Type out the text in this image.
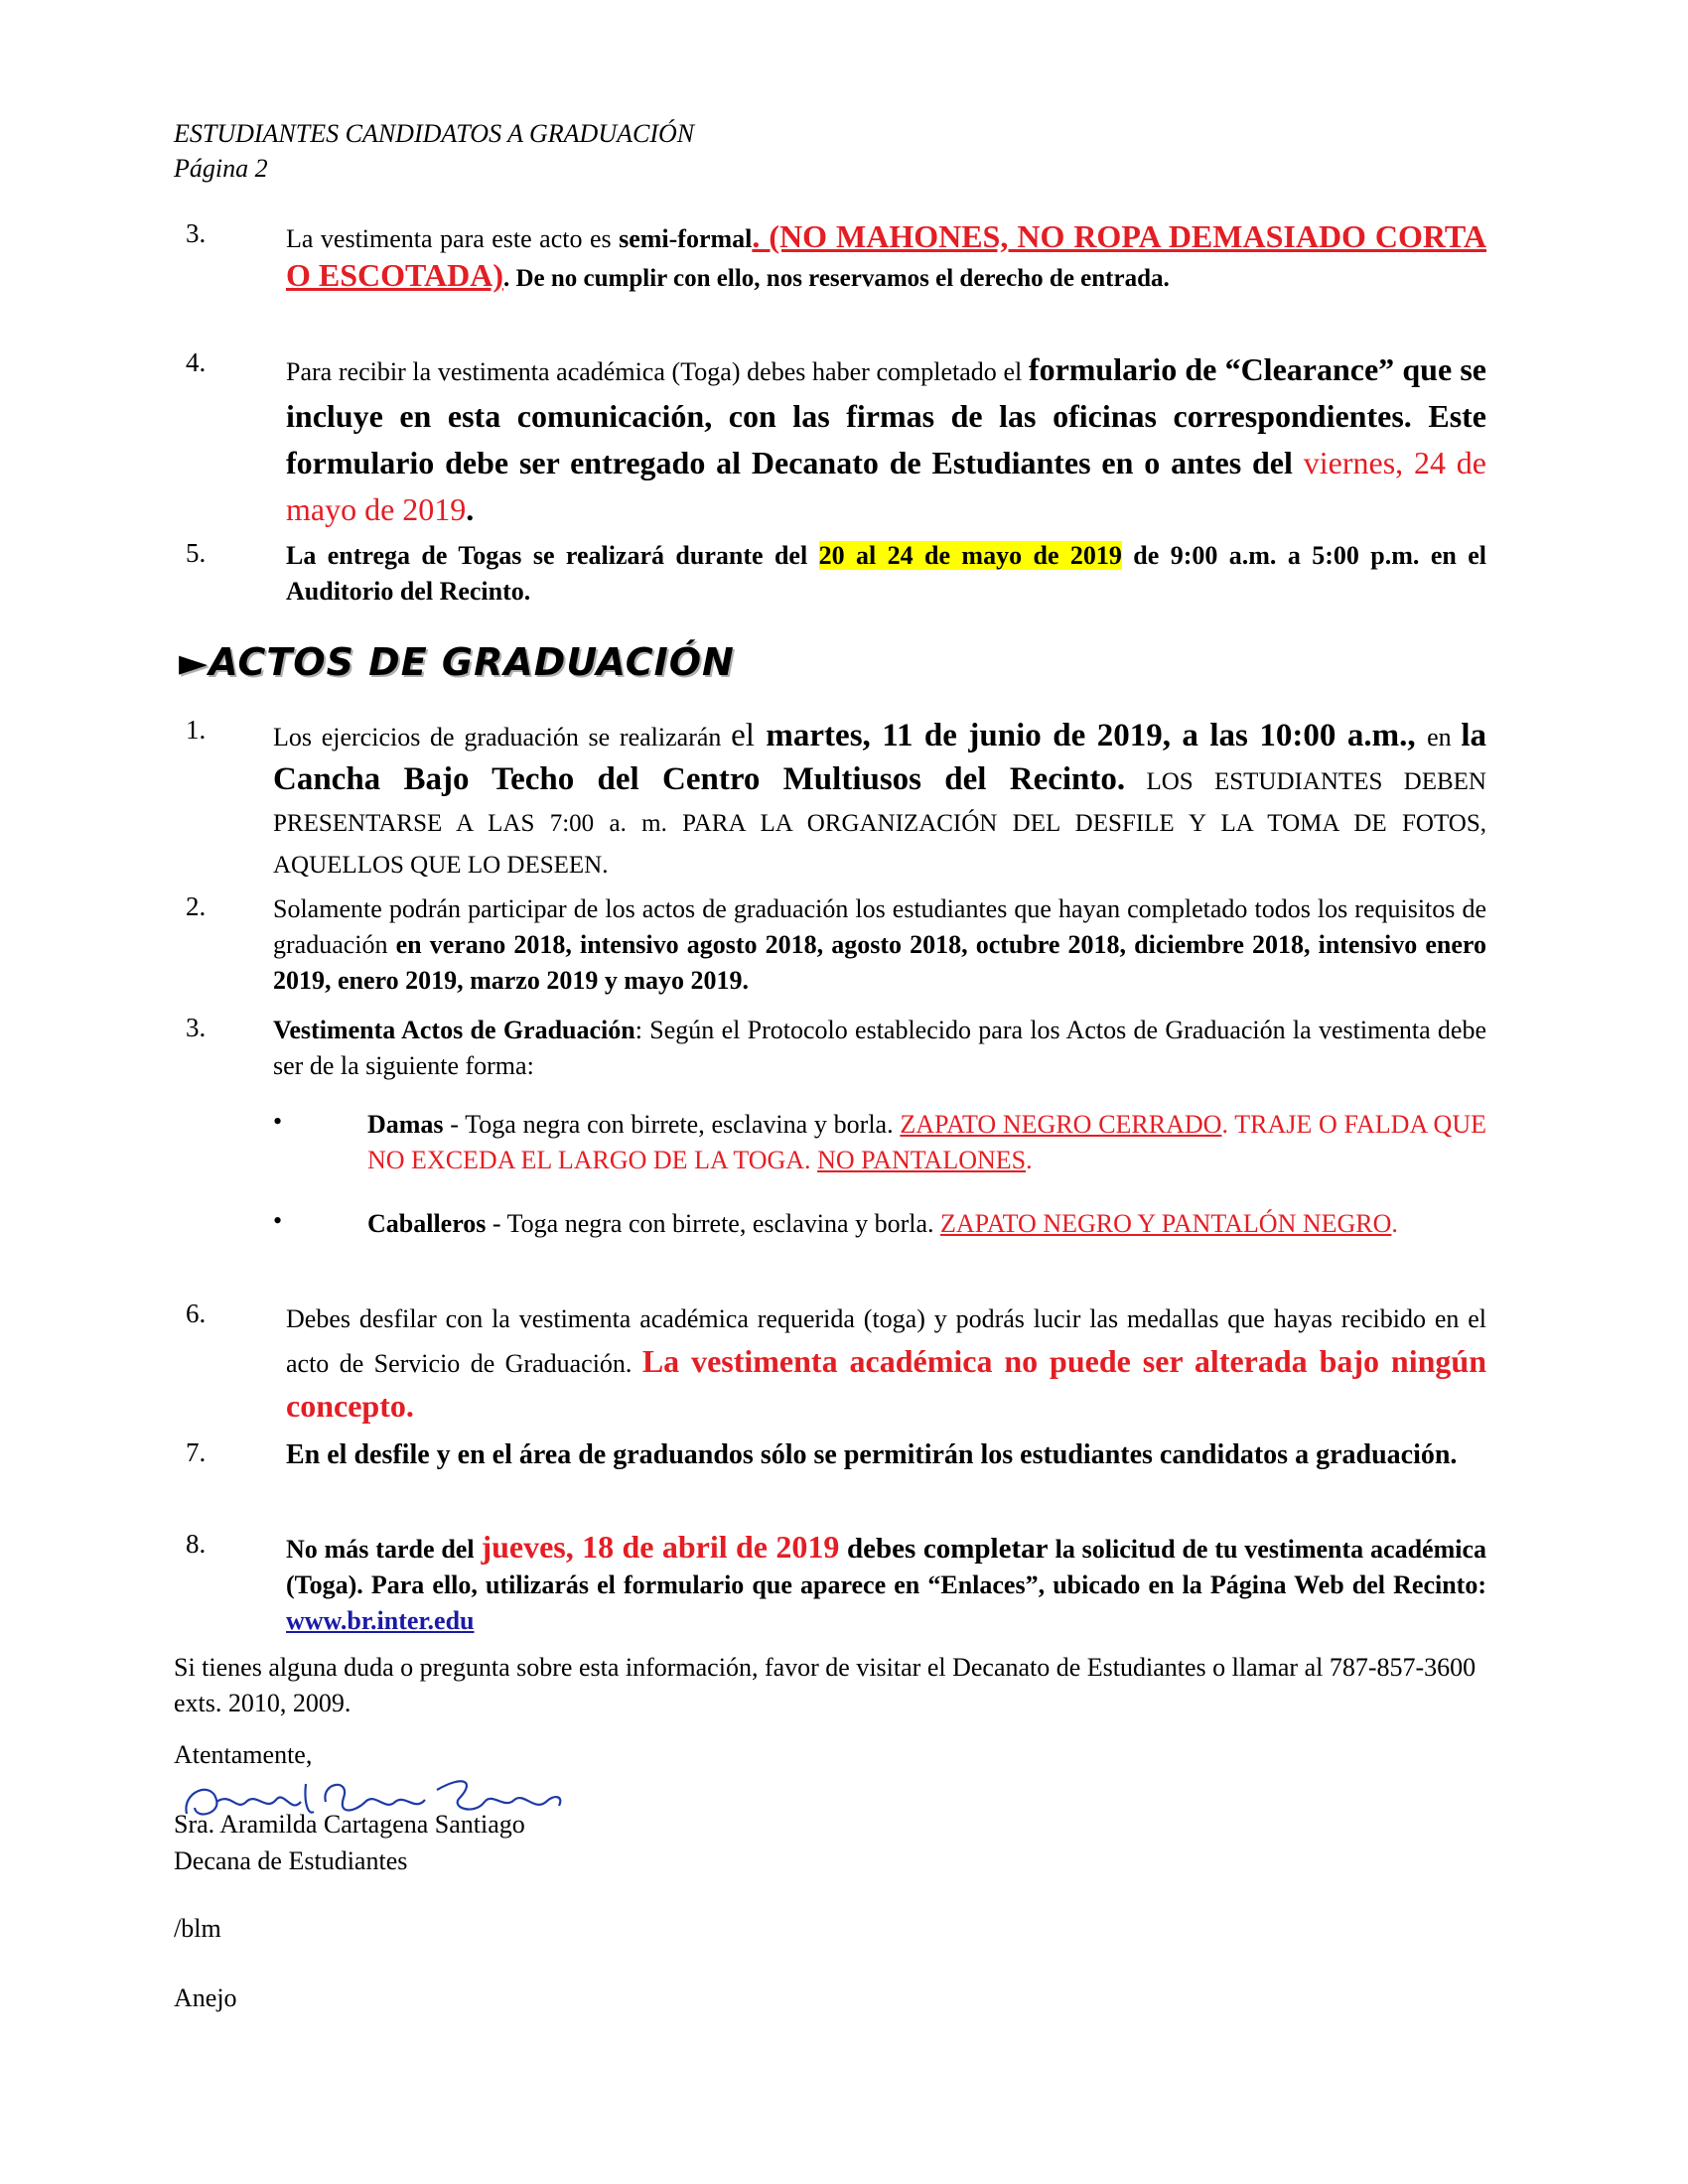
ESTUDIANTES CANDIDATOS A GRADUACIÓN
Página 2
3.	La vestimenta para este acto es semi-formal. (NO MAHONES, NO ROPA DEMASIADO CORTA O ESCOTADA). De no cumplir con ello, nos reservamos el derecho de entrada.
4.	Para recibir la vestimenta académica (Toga) debes haber completado el formulario de “Clearance” que se incluye en esta comunicación, con las firmas de las oficinas correspondientes. Este formulario debe ser entregado al Decanato de Estudiantes en o antes del viernes, 24 de mayo de 2019.
5.	La entrega de Togas se realizará durante del 20 al 24 de mayo de 2019 de 9:00 a.m. a 5:00 p.m. en el Auditorio del Recinto.
►ACTOS DE GRADUACIÓN
1.	Los ejercicios de graduación se realizarán el martes, 11 de junio de 2019, a las 10:00 a.m., en la Cancha Bajo Techo del Centro Multiusos del Recinto. LOS ESTUDIANTES DEBEN PRESENTARSE A LAS 7:00 a. m. PARA LA ORGANIZACIÓN DEL DESFILE Y LA TOMA DE FOTOS, AQUELLOS QUE LO DESEEN.
2.	Solamente podrán participar de los actos de graduación los estudiantes que hayan completado todos los requisitos de graduación en verano 2018, intensivo agosto 2018, agosto 2018, octubre 2018, diciembre 2018, intensivo enero 2019, enero 2019, marzo 2019 y mayo 2019.
3.	Vestimenta Actos de Graduación: Según el Protocolo establecido para los Actos de Graduación la vestimenta debe ser de la siguiente forma:
•	Damas - Toga negra con birrete, esclavina y borla. ZAPATO NEGRO CERRADO. TRAJE O FALDA QUE NO EXCEDA EL LARGO DE LA TOGA. NO PANTALONES.
•	Caballeros - Toga negra con birrete, esclavina y borla. ZAPATO NEGRO Y PANTALÓN NEGRO.
6.	Debes desfilar con la vestimenta académica requerida (toga) y podrás lucir las medallas que hayas recibido en el acto de Servicio de Graduación. La vestimenta académica no puede ser alterada bajo ningún concepto.
7.	En el desfile y en el área de graduandos sólo se permitirán los estudiantes candidatos a graduación.
8.	No más tarde del jueves, 18 de abril de 2019 debes completar la solicitud de tu vestimenta académica (Toga). Para ello, utilizarás el formulario que aparece en “Enlaces”, ubicado en la Página Web del Recinto: www.br.inter.edu
Si tienes alguna duda o pregunta sobre esta información, favor de visitar el Decanato de Estudiantes o llamar al 787-857-3600 exts. 2010, 2009.
Atentamente,
Sra. Aramilda Cartagena Santiago
Decana de Estudiantes
/blm
Anejo
